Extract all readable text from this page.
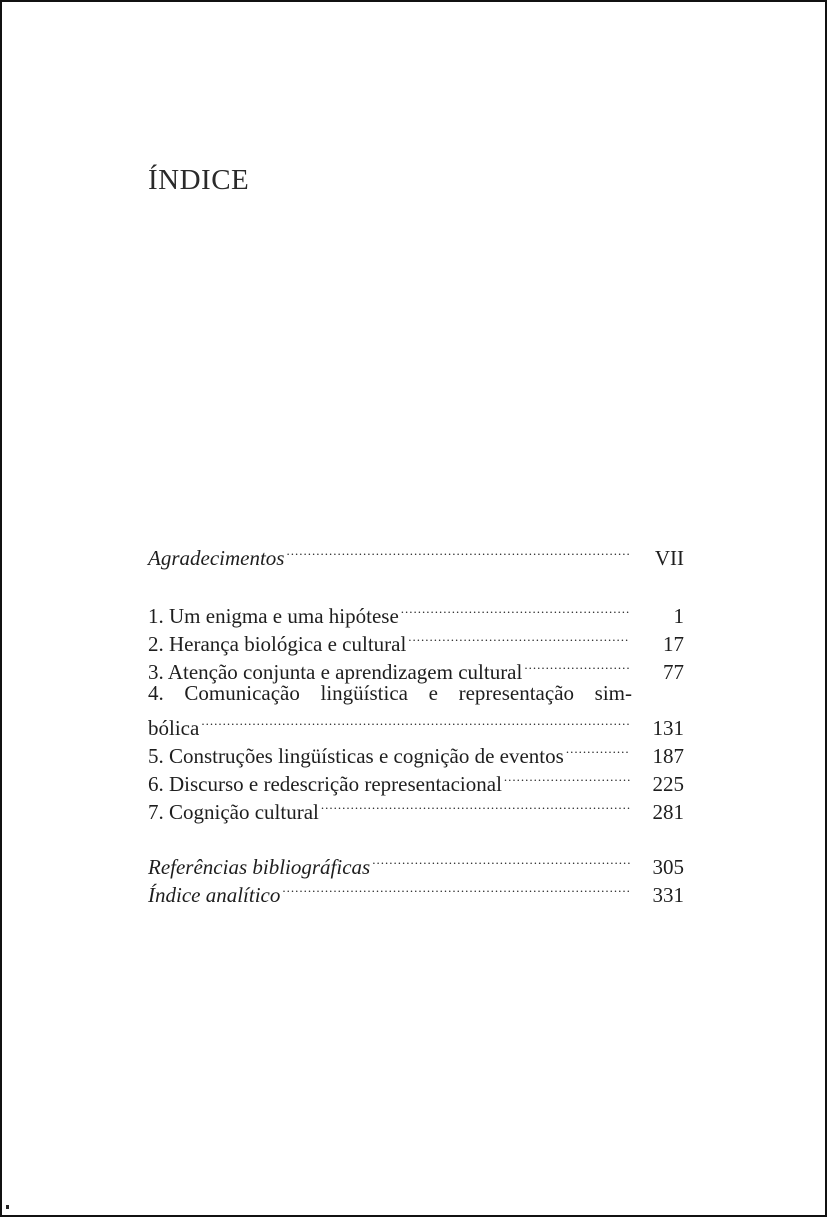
ÍNDICE
Agradecimentos .....	VII
1. Um enigma e uma hipótese .....	1
2. Herança biológica e cultural .....	17
3. Atenção conjunta e aprendizagem cultural .....	77
4. Comunicação lingüística e representação sim-
bólica .....	131
5. Construções lingüísticas e cognição de eventos .....	187
6. Discurso e redescrição representacional .....	225
7. Cognição cultural .....	281
Referências bibliográficas .....	305
Índice analítico .....	331
